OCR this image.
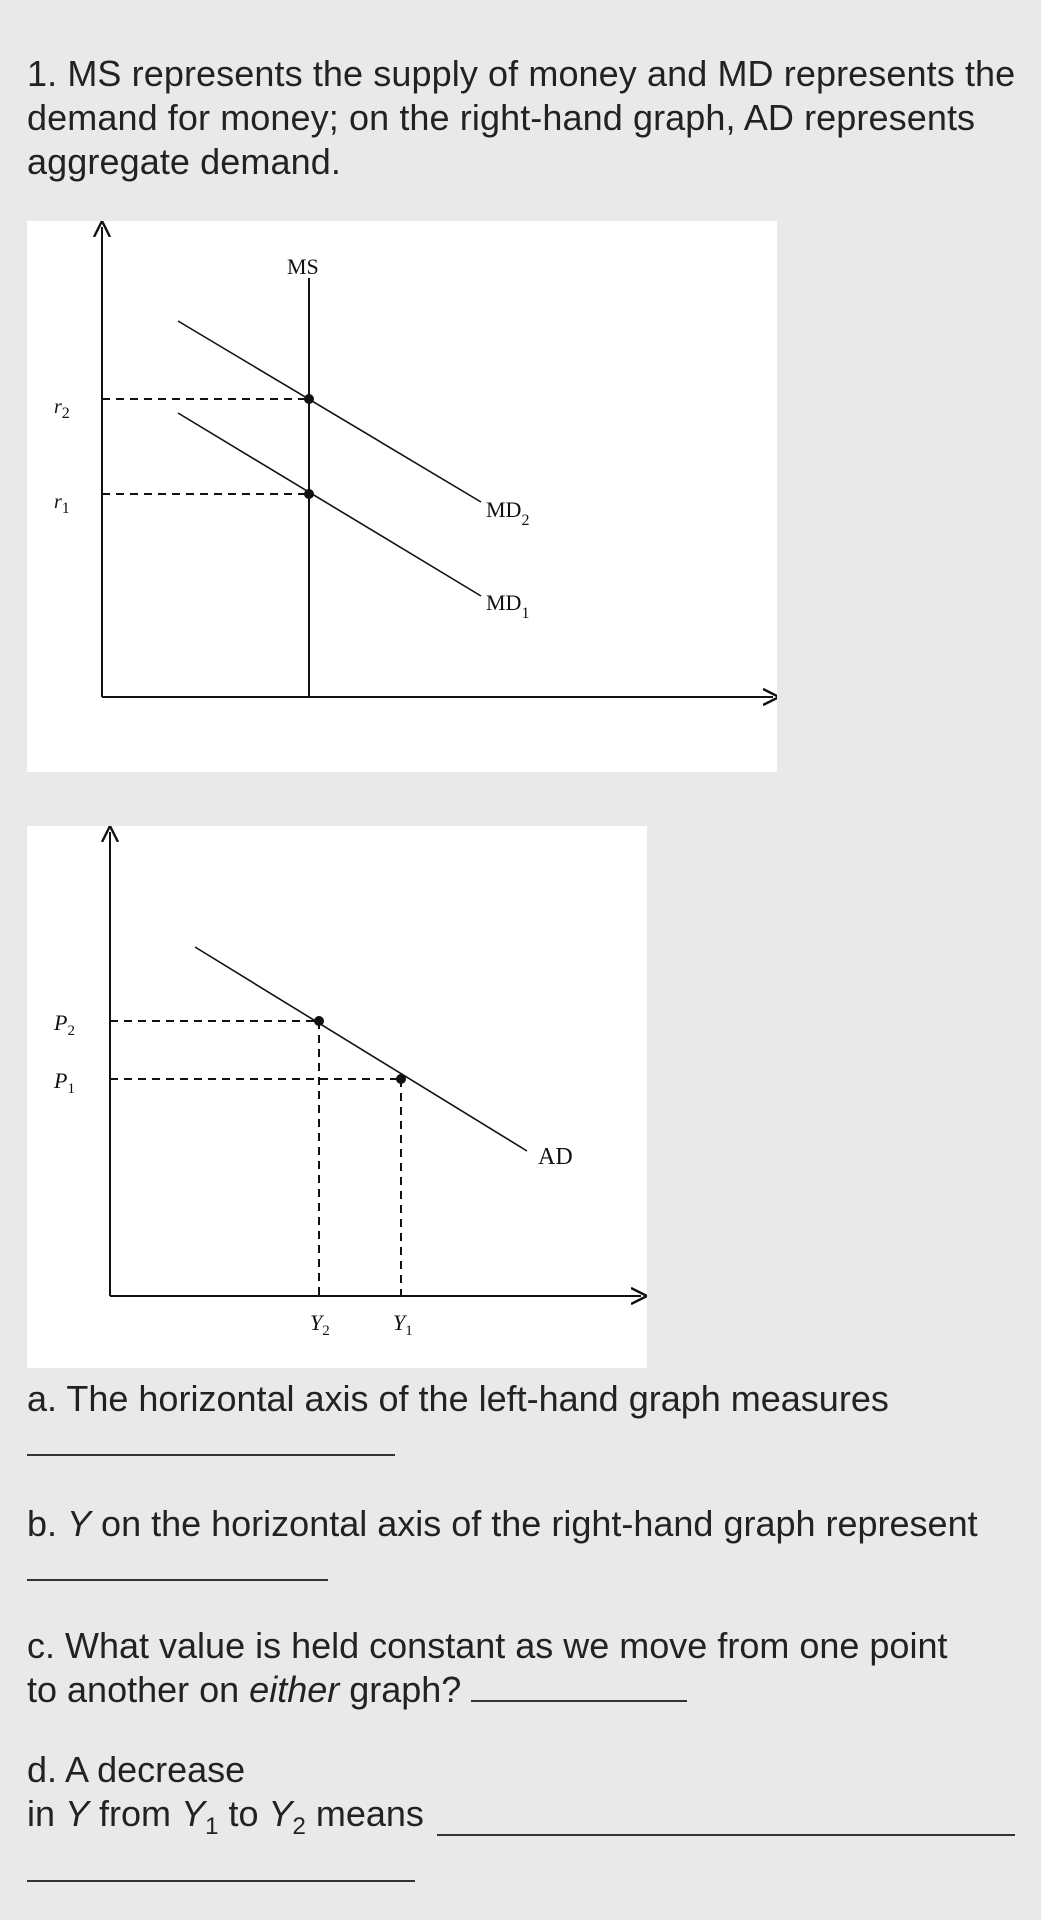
1. MS represents the supply of money and MD represents the demand for money; on the right-hand graph, AD represents aggregate demand.
MS
$MD_2$
$MD_1$
$r_2$
$r_1$
AD
$P_2$
$P_1$
$Y_2$	$Y_1$
a. The horizontal axis of the left-hand graph measures
b. Y on the horizontal axis of the right-hand graph represent
c. What value is held constant as we move from one point
to another on either graph?
d. A decrease
in Y from $Y_1$ to $Y_2$ means
